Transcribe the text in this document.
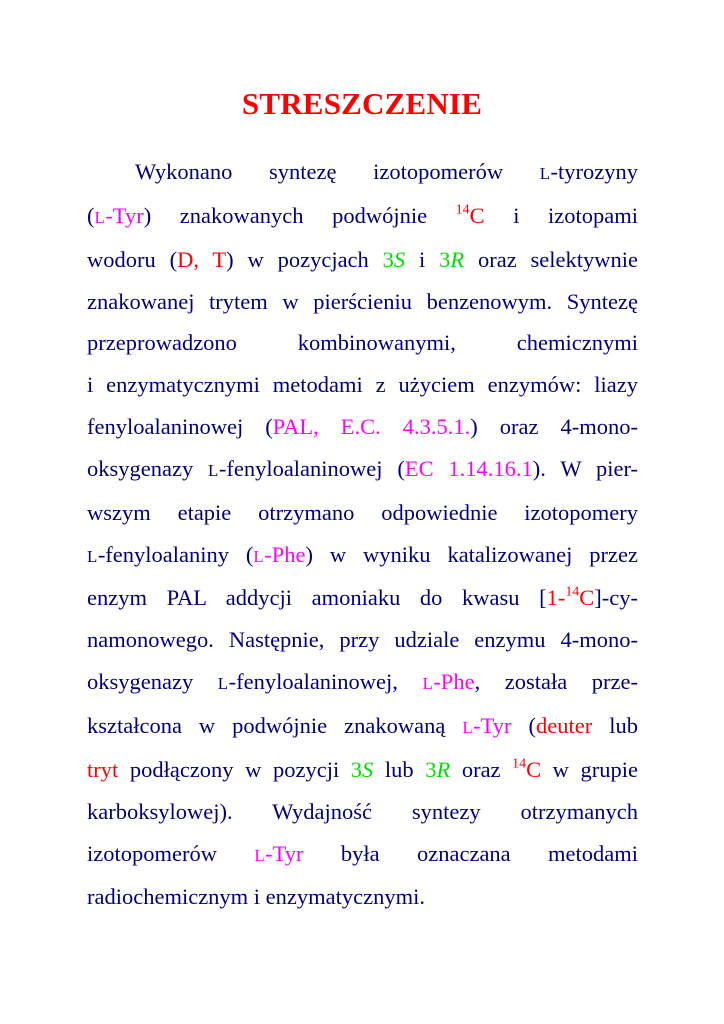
STRESZCZENIE
Wykonano syntezę izotopomerów L-tyrozyny
(L-Tyr) znakowanych podwójnie $^{14}$C i izotopami
wodoru (D, T) w pozycjach 3S i 3R oraz selektywnie
znakowanej trytem w pierścieniu benzenowym. Syntezę
przeprowadzono kombinowanymi, chemicznymi
i enzymatycznymi metodami z użyciem enzymów: liazy
fenyloalaninowej (PAL, E.C. 4.3.5.1.) oraz 4-mono-
oksygenazy L-fenyloalaninowej (EC 1.14.16.1). W pier-
wszym etapie otrzymano odpowiednie izotopomery
L-fenyloalaniny (L-Phe) w wyniku katalizowanej przez
enzym PAL addycji amoniaku do kwasu [1-$^{14}$C]-cy-
namonowego. Następnie, przy udziale enzymu 4-mono-
oksygenazy L-fenyloalaninowej, L-Phe, została prze-
kształcona w podwójnie znakowaną L-Tyr (deuter lub
tryt podłączony w pozycji 3S lub 3R oraz $^{14}$C w grupie
karboksylowej). Wydajność syntezy otrzymanych
izotopomerów L-Tyr była oznaczana metodami
radiochemicznym i enzymatycznymi.
